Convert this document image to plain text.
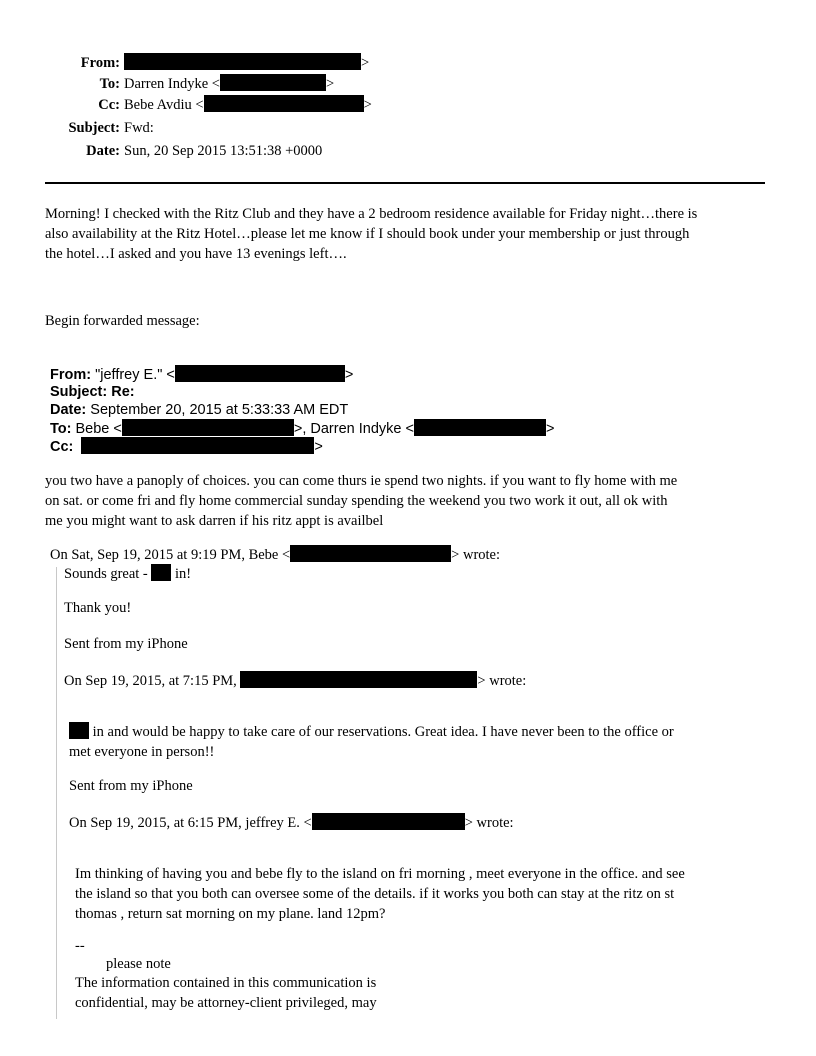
From:	>
To: Darren Indyke <	>
Cc: Bebe Avdiu <	>
Subject: Fwd:
Date: Sun, 20 Sep 2015 13:51:38 +0000
Morning! I checked with the Ritz Club and they have a 2 bedroom residence available for Friday night…there is
also availability at the Ritz Hotel…please let me know if I should book under your membership or just through
the hotel…I asked and you have 13 evenings left….
Begin forwarded message:
From: "jeffrey E." <	>
Subject: Re:
Date: September 20, 2015 at 5:33:33 AM EDT
To: Bebe <	>, Darren Indyke <	>
Cc:	>
you two have a panoply of choices. you can come thurs ie spend two nights. if you want to fly home with me
on sat. or come fri and fly home commercial sunday spending the weekend you two work it out, all ok with
me you might want to ask darren if his ritz appt is availbel
On Sat, Sep 19, 2015 at 9:19 PM, Bebe <	> wrote:
Sounds great -  in!
Thank you!
Sent from my iPhone
On Sep 19, 2015, at 7:15 PM,	> wrote:
in and would be happy to take care of our reservations. Great idea. I have never been to the office or
met everyone in person!!
Sent from my iPhone
On Sep 19, 2015, at 6:15 PM, jeffrey E. <	> wrote:
Im thinking of having you and bebe fly to the island on fri morning , meet everyone in the office. and see
the island so that you both can oversee some of the details. if it works you both can stay at the ritz on st
thomas , return sat morning on my plane. land 12pm?
--
please note
The information contained in this communication is
confidential, may be attorney-client privileged, may
